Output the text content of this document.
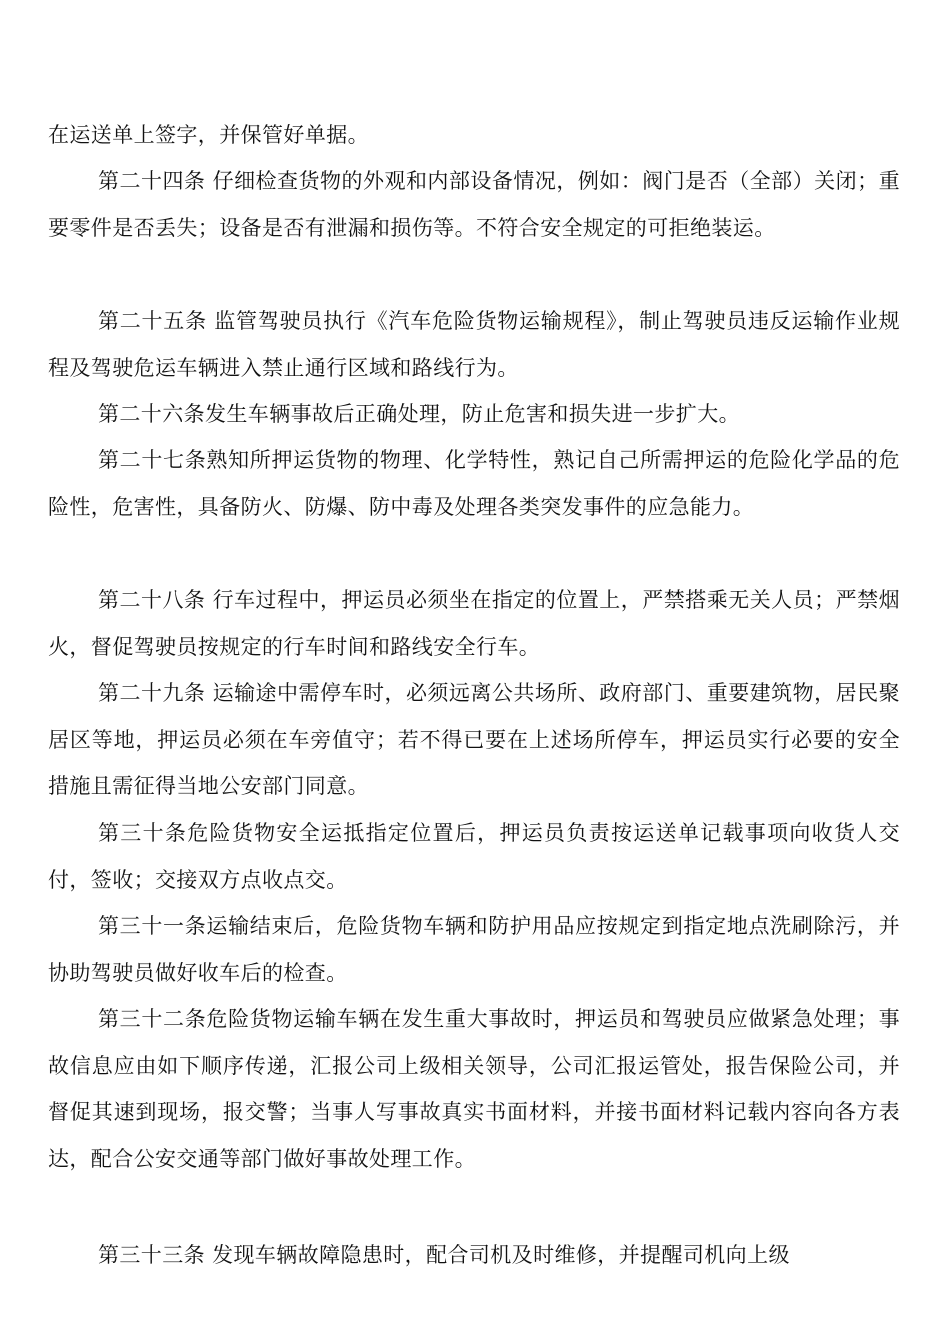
在运送单上签字，并保管好单据。

第二十四条 仔细检查货物的外观和内部设备情况，例如：阀门是否（全部）关闭；重要零件是否丢失；设备是否有泄漏和损伤等。不符合安全规定的可拒绝装运。

第二十五条 监管驾驶员执行《汽车危险货物运输规程》，制止驾驶员违反运输作业规程及驾驶危运车辆进入禁止通行区域和路线行为。

第二十六条发生车辆事故后正确处理，防止危害和损失进一步扩大。

第二十七条熟知所押运货物的物理、化学特性，熟记自己所需押运的危险化学品的危险性，危害性，具备防火、防爆、防中毒及处理各类突发事件的应急能力。

第二十八条 行车过程中，押运员必须坐在指定的位置上，严禁搭乘无关人员；严禁烟火，督促驾驶员按规定的行车时间和路线安全行车。

第二十九条 运输途中需停车时，必须远离公共场所、政府部门、重要建筑物，居民聚居区等地，押运员必须在车旁值守；若不得已要在上述场所停车，押运员实行必要的安全措施且需征得当地公安部门同意。

第三十条危险货物安全运抵指定位置后，押运员负责按运送单记载事项向收货人交付，签收；交接双方点收点交。

第三十一条运输结束后，危险货物车辆和防护用品应按规定到指定地点洗刷除污，并协助驾驶员做好收车后的检查。

第三十二条危险货物运输车辆在发生重大事故时，押运员和驾驶员应做紧急处理；事故信息应由如下顺序传递，汇报公司上级相关领导，公司汇报运管处，报告保险公司，并督促其速到现场，报交警；当事人写事故真实书面材料，并接书面材料记载内容向各方表达，配合公安交通等部门做好事故处理工作。

第三十三条 发现车辆故障隐患时，配合司机及时维修，并提醒司机向上级
